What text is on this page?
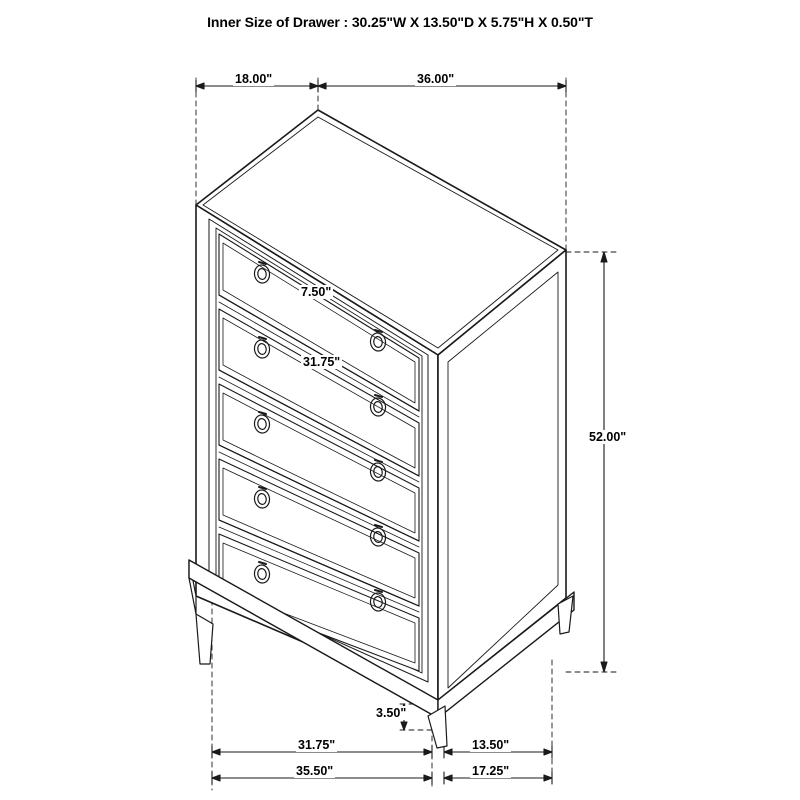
Inner Size of Drawer : 30.25"W X 13.50"D X 5.75"H X 0.50"T
18.00"	36.00"
52.00"
7.50"
31.75"
3.50"
31.75"	13.50"
35.50"	17.25"
